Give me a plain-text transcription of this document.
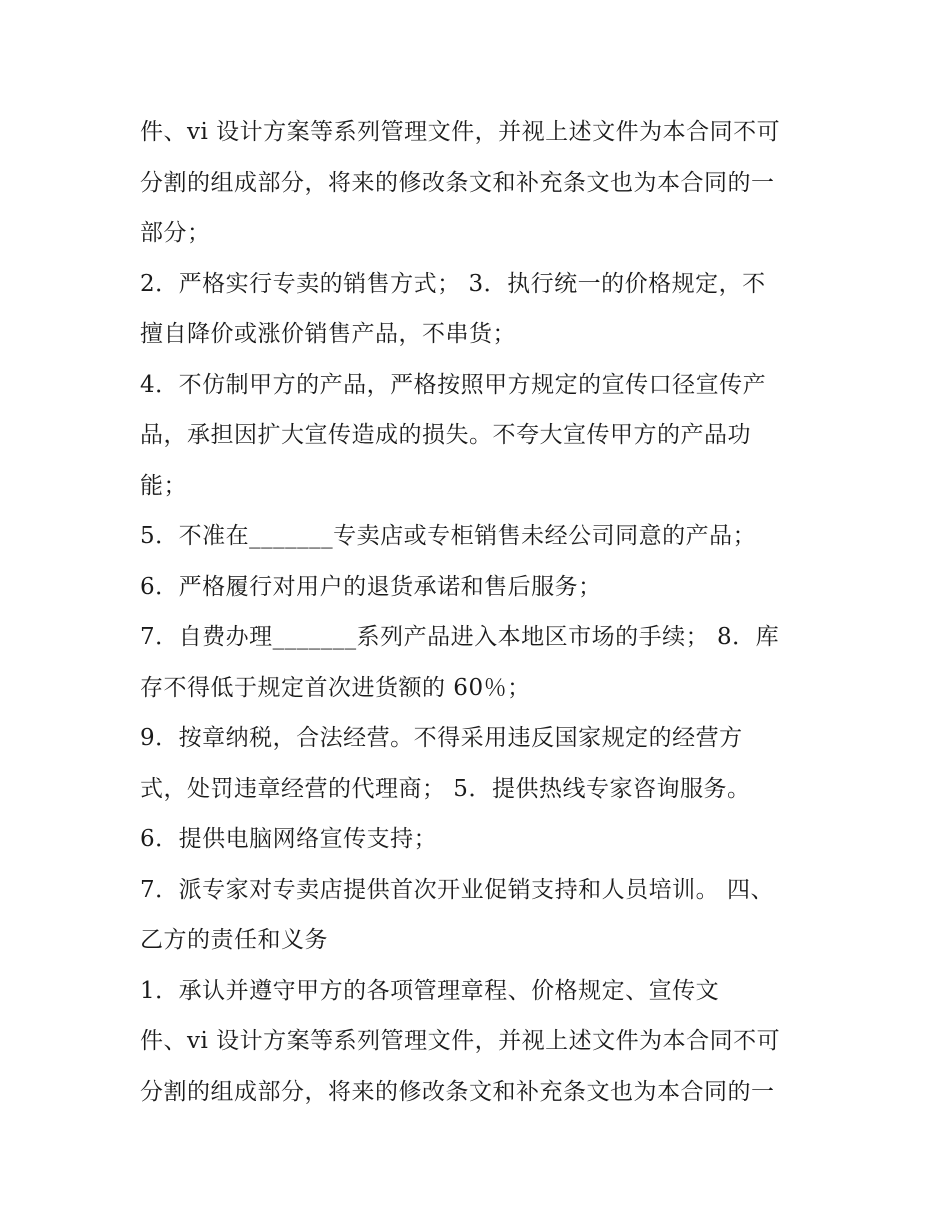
件、vi 设计方案等系列管理文件，并视上述文件为本合同不可
分割的组成部分，将来的修改条文和补充条文也为本合同的一
部分；
2．严格实行专卖的销售方式； 3．执行统一的价格规定，不
擅自降价或涨价销售产品，不串货；
4．不仿制甲方的产品，严格按照甲方规定的宣传口径宣传产
品，承担因扩大宣传造成的损失。不夸大宣传甲方的产品功
能；
5．不准在_______专卖店或专柜销售未经公司同意的产品；
6．严格履行对用户的退货承诺和售后服务；
7．自费办理_______系列产品进入本地区市场的手续； 8．库
存不得低于规定首次进货额的 60％；
9．按章纳税，合法经营。不得采用违反国家规定的经营方
式，处罚违章经营的代理商； 5．提供热线专家咨询服务。
6．提供电脑网络宣传支持；
7．派专家对专卖店提供首次开业促销支持和人员培训。 四、
乙方的责任和义务
1．承认并遵守甲方的各项管理章程、价格规定、宣传文
件、vi 设计方案等系列管理文件，并视上述文件为本合同不可
分割的组成部分，将来的修改条文和补充条文也为本合同的一
